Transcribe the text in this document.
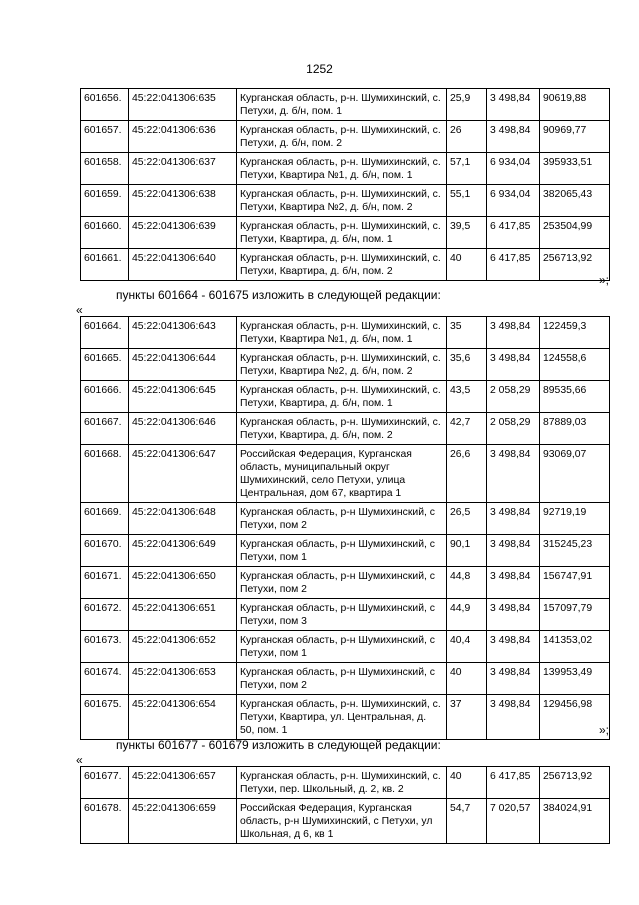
1252
601656.	45:22:041306:635	Курганская область, р-н. Шумихинский, с. Петухи, д. б/н, пом. 1	25,9	3 498,84	90619,88
601657.	45:22:041306:636	Курганская область, р-н. Шумихинский, с. Петухи, д. б/н, пом. 2	26	3 498,84	90969,77
601658.	45:22:041306:637	Курганская область, р-н. Шумихинский, с. Петухи, Квартира №1, д. б/н, пом. 1	57,1	6 934,04	395933,51
601659.	45:22:041306:638	Курганская область, р-н. Шумихинский, с. Петухи, Квартира №2, д. б/н, пом. 2	55,1	6 934,04	382065,43
601660.	45:22:041306:639	Курганская область, р-н. Шумихинский, с. Петухи, Квартира, д. б/н, пом. 1	39,5	6 417,85	253504,99
601661.	45:22:041306:640	Курганская область, р-н. Шумихинский, с. Петухи, Квартира, д. б/н, пом. 2	40	6 417,85	256713,92
»;
пункты 601664 - 601675 изложить в следующей редакции:
«
601664.	45:22:041306:643	Курганская область, р-н. Шумихинский, с. Петухи, Квартира №1, д. б/н, пом. 1	35	3 498,84	122459,3
601665.	45:22:041306:644	Курганская область, р-н. Шумихинский, с. Петухи, Квартира №2, д. б/н, пом. 2	35,6	3 498,84	124558,6
601666.	45:22:041306:645	Курганская область, р-н. Шумихинский, с. Петухи, Квартира, д. б/н, пом. 1	43,5	2 058,29	89535,66
601667.	45:22:041306:646	Курганская область, р-н. Шумихинский, с. Петухи, Квартира, д. б/н, пом. 2	42,7	2 058,29	87889,03
601668.	45:22:041306:647	Российская Федерация, Курганская область, муниципальный округ Шумихинский, село Петухи, улица Центральная, дом 67, квартира 1	26,6	3 498,84	93069,07
601669.	45:22:041306:648	Курганская область, р-н Шумихинский, с Петухи, пом 2	26,5	3 498,84	92719,19
601670.	45:22:041306:649	Курганская область, р-н Шумихинский, с Петухи, пом 1	90,1	3 498,84	315245,23
601671.	45:22:041306:650	Курганская область, р-н Шумихинский, с Петухи, пом 2	44,8	3 498,84	156747,91
601672.	45:22:041306:651	Курганская область, р-н Шумихинский, с Петухи, пом 3	44,9	3 498,84	157097,79
601673.	45:22:041306:652	Курганская область, р-н Шумихинский, с Петухи, пом 1	40,4	3 498,84	141353,02
601674.	45:22:041306:653	Курганская область, р-н Шумихинский, с Петухи, пом 2	40	3 498,84	139953,49
601675.	45:22:041306:654	Курганская область, р-н. Шумихинский, с. Петухи, Квартира, ул. Центральная, д. 50, пом. 1	37	3 498,84	129456,98
»;
пункты 601677 - 601679 изложить в следующей редакции:
«
601677.	45:22:041306:657	Курганская область, р-н. Шумихинский, с. Петухи, пер. Школьный, д. 2, кв. 2	40	6 417,85	256713,92
601678.	45:22:041306:659	Российская Федерация, Курганская область, р-н Шумихинский, с Петухи, ул Школьная, д 6, кв 1	54,7	7 020,57	384024,91
